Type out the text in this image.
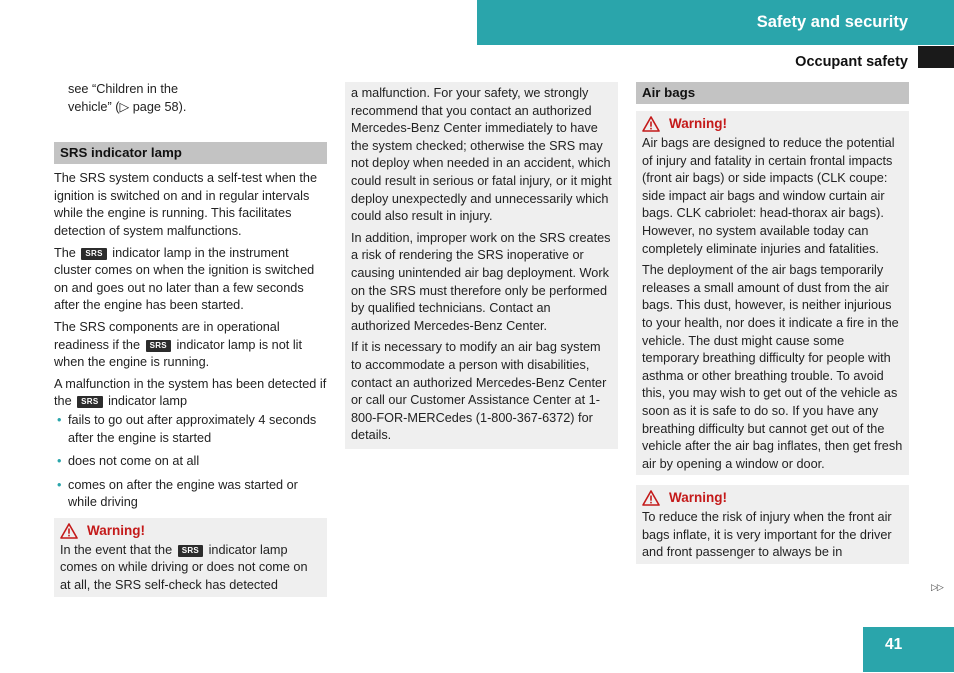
Safety and security
Occupant safety
see “Children in the
vehicle” (▷ page 58).
SRS indicator lamp

The SRS system conducts a self-test when the ignition is switched on and in regular intervals while the engine is running. This facilitates detection of system malfunctions.

The SRS indicator lamp in the instrument cluster comes on when the ignition is switched on and goes out no later than a few seconds after the engine has been started.

The SRS components are in operational readiness if the SRS indicator lamp is not lit when the engine is running.

A malfunction in the system has been detected if the SRS indicator lamp

• fails to go out after approximately 4 seconds after the engine is started
• does not come on at all
• comes on after the engine was started or while driving
Warning!

In the event that the SRS indicator lamp comes on while driving or does not come on at all, the SRS self-check has detected

a malfunction. For your safety, we strongly recommend that you contact an authorized Mercedes-Benz Center immediately to have the system checked; otherwise the SRS may not deploy when needed in an accident, which could result in serious or fatal injury, or it might deploy unexpectedly and unnecessarily which could also result in injury.

In addition, improper work on the SRS creates a risk of rendering the SRS inoperative or causing unintended air bag deployment. Work on the SRS must therefore only be performed by qualified technicians. Contact an authorized Mercedes-Benz Center.

If it is necessary to modify an air bag system to accommodate a person with disabilities, contact an authorized Mercedes-Benz Center or call our Customer Assistance Center at 1-800-FOR-MERCedes (1-800-367-6372) for details.

Air bags
Warning!

Air bags are designed to reduce the potential of injury and fatality in certain frontal impacts (front air bags) or side impacts (CLK coupe: side impact air bags and window curtain air bags. CLK cabriolet: head-thorax air bags). However, no system available today can completely eliminate injuries and fatalities.

The deployment of the air bags temporarily releases a small amount of dust from the air bags. This dust, however, is neither injurious to your health, nor does it indicate a fire in the vehicle. The dust might cause some temporary breathing difficulty for people with asthma or other breathing trouble. To avoid this, you may wish to get out of the vehicle as soon as it is safe to do so. If you have any breathing difficulty but cannot get out of the vehicle after the air bag inflates, then get fresh air by opening a window or door.

Warning!

To reduce the risk of injury when the front air bags inflate, it is very important for the driver and front passenger to always be in

▷▷
41
